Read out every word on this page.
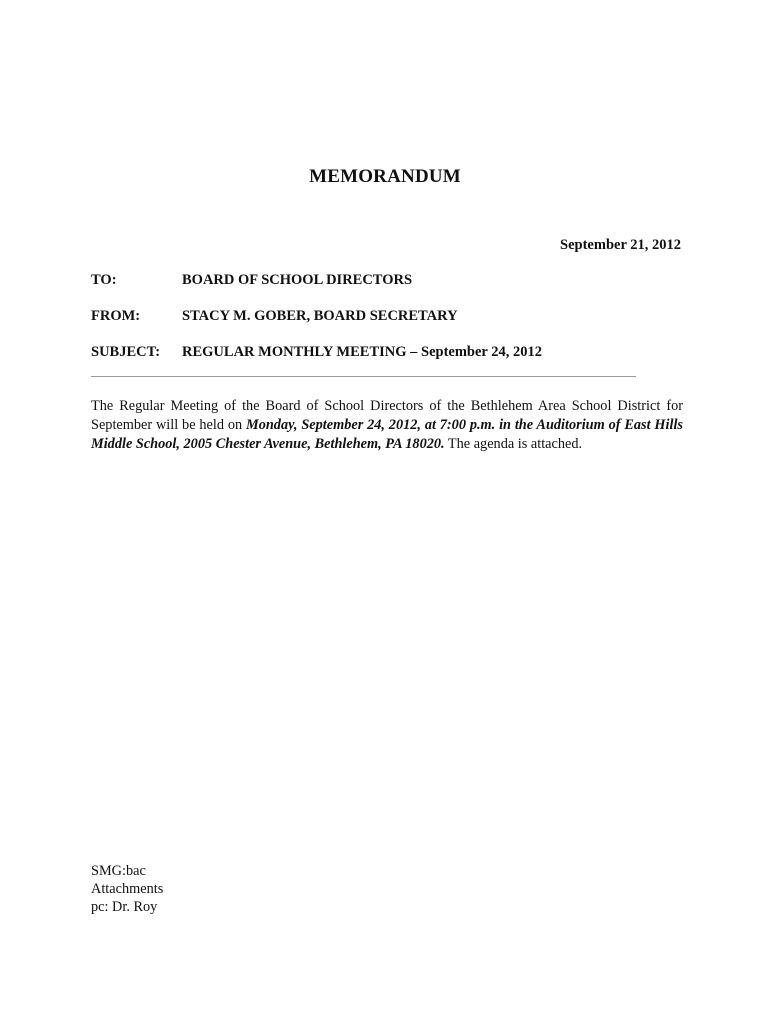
MEMORANDUM
September 21, 2012
TO:	BOARD OF SCHOOL DIRECTORS
FROM:	STACY M. GOBER, BOARD SECRETARY
SUBJECT: REGULAR MONTHLY MEETING – September 24, 2012
The Regular Meeting of the Board of School Directors of the Bethlehem Area School District for September will be held on Monday, September 24, 2012, at 7:00 p.m. in the Auditorium of East Hills Middle School, 2005 Chester Avenue, Bethlehem, PA 18020. The agenda is attached.
SMG:bac
Attachments
pc: Dr. Roy
